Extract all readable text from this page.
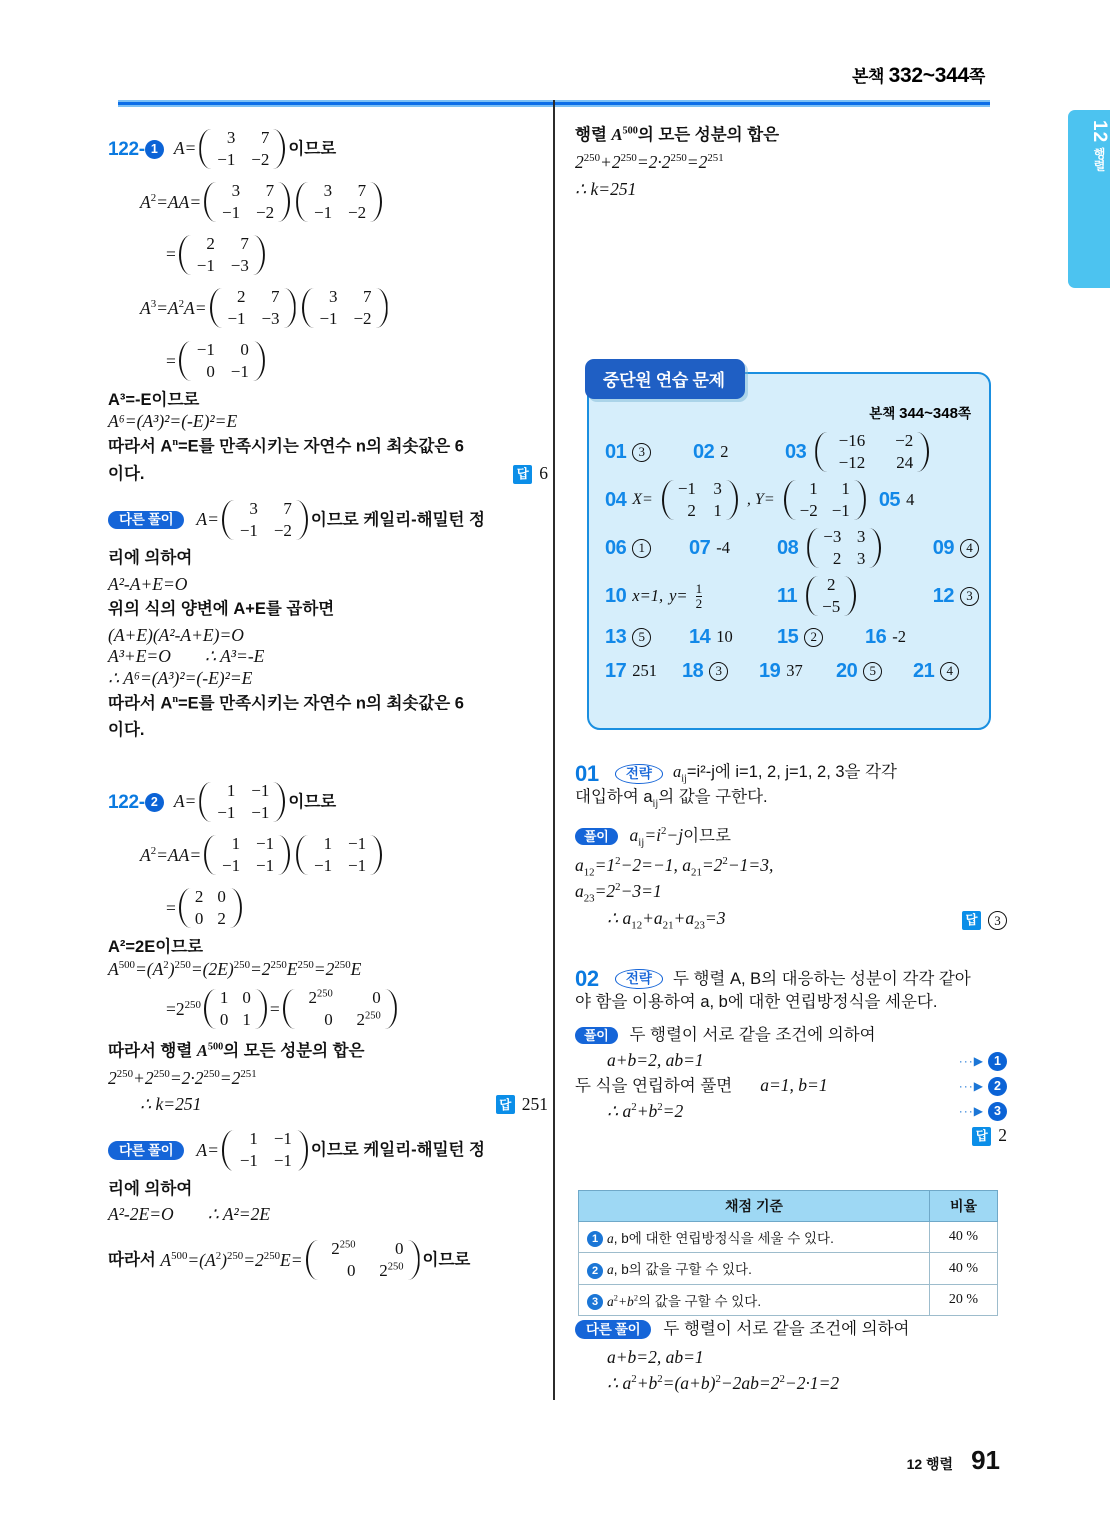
본책 332~344쪽
12 행렬
122- 1 A=
3	7
−1	−2
이므로
$A^2=AA=$
3	7
−1	−2
3	7
−1	−2
=
2	7
−1	−3
$A^3=A^2A=$
2	7
−1	−3
3	7
−1	−2
=
−1	0
0	−1
A³=-E이므로
A⁶=(A³)²=(-E)²=E
따라서 $A^n=E$를 만족시키는 자연수 n의 최솟값은 6
이다.	답 6
다른 풀이	A=
3	7
−1	−2
이므로 케일리-해밀턴 정
리에 의하여
A²-A+E=O
위의 식의 양변에 A+E를 곱하면
(A+E)(A²-A+E)=O
A³+E=O ∴ A³=-E
∴ A⁶=(A³)²=(-E)²=E
따라서 $A^n=E$를 만족시키는 자연수 n의 최솟값은 6
이다.
122- 2 A=
1	−1
−1	−1
이므로
$A^2=AA=$
1	−1
−1	−1
1	−1
−1	−1
=
2	0
0	2
A²=2E이므로
$A^{500}=(A^2)^{250}=(2E)^{250}=2^{250}E^{250}=2^{250}E$
$=2^{250}$ 1	0
0	1
=
$2^{250}$	0
0	$2^{250}$
따라서 행렬 $A^{500}$의 모든 성분의 합은
$2^{250}+2^{250}=2\cdot 2^{250}=2^{251}$
∴ k=251	답 251
다른 풀이	A=
1	−1
−1	−1
이므로 케일리-해밀턴 정
리에 의하여
A²-2E=O ∴ A²=2E
따라서 $A^{500}=(A^2)^{250}=2^{250}E=$
$2^{250}$	0
0	$2^{250}$ 이므로
행렬 $A^{500}$의 모든 성분의 합은
$2^{250}+2^{250}=2\cdot 2^{250}=2^{251}$
∴ k=251
중단원 연습 문제
본책 344~348쪽
01 3	02 2	03
−16	−2
−12	24
04 X=
−1	3
2	1
, Y=
1	1
−2	−1 05 4
06 1	07 -4 08
−3	3
2	3	09 4
10 x=1, $y= \frac{1}{2}$	11
2
−5	12 3
13 5	14 10 15 2	16 -2
17 251 18 3	19 37 20 5	21 4
01	전략	$a_{ij}=i^2-j$에 i=1, 2, j=1, 2, 3을 각각
대입하여 $a_{ij}$의 값을 구한다.
풀이	$a_{ij}=i^2-j$ 이므로
$a_{12}=1^2-2=-1$, $a_{21}=2^2-1=3$,
$a_{23}=2^2-3=1$
∴ $a_{12}+a_{21}+a_{23}=3$	답	3
02	전략	두 행렬 A, B의 대응하는 성분이 각각 같아
야 함을 이용하여 a, b에 대한 연립방정식을 세운다.
풀이	두 행렬이 서로 같을 조건에 의하여
a+b=2, ab=1	···▶ 1
두 식을 연립하여 풀면 a=1, b=1	···▶ 2
∴ $a^2+b^2=2$	···▶ 3
답 2
채점 기준	비율
1 a, b에 대한 연립방정식을 세울 수 있다.	40 %
2 a, b의 값을 구할 수 있다.	40 %
3 $a^2+b^2$의 값을 구할 수 있다.	20 %
다른 풀이	두 행렬이 서로 같을 조건에 의하여
a+b=2, ab=1
∴ $a^2+b^2=(a+b)^2-2ab=2^2-2\cdot 1=2$
12 행렬 91
